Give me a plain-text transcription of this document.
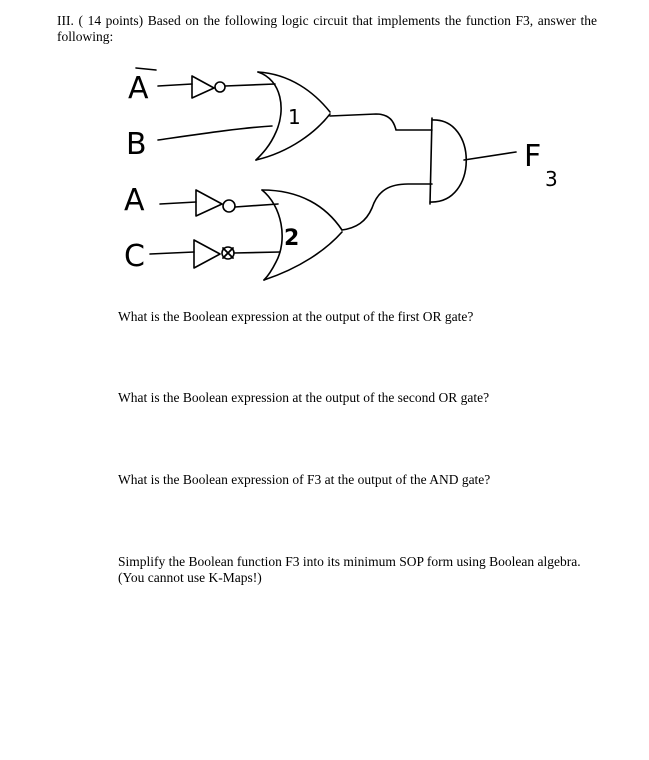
III. ( 14 points) Based on the following logic circuit that implements the function F3, answer the following:
A
B
1
A
C
2
F
3
What is the Boolean expression at the output of the first OR gate?
What is the Boolean expression at the output of the second OR gate?
What is the Boolean expression of F3 at the output of the AND gate?
Simplify the Boolean function F3 into its minimum SOP form using Boolean algebra.
(You cannot use K-Maps!)
